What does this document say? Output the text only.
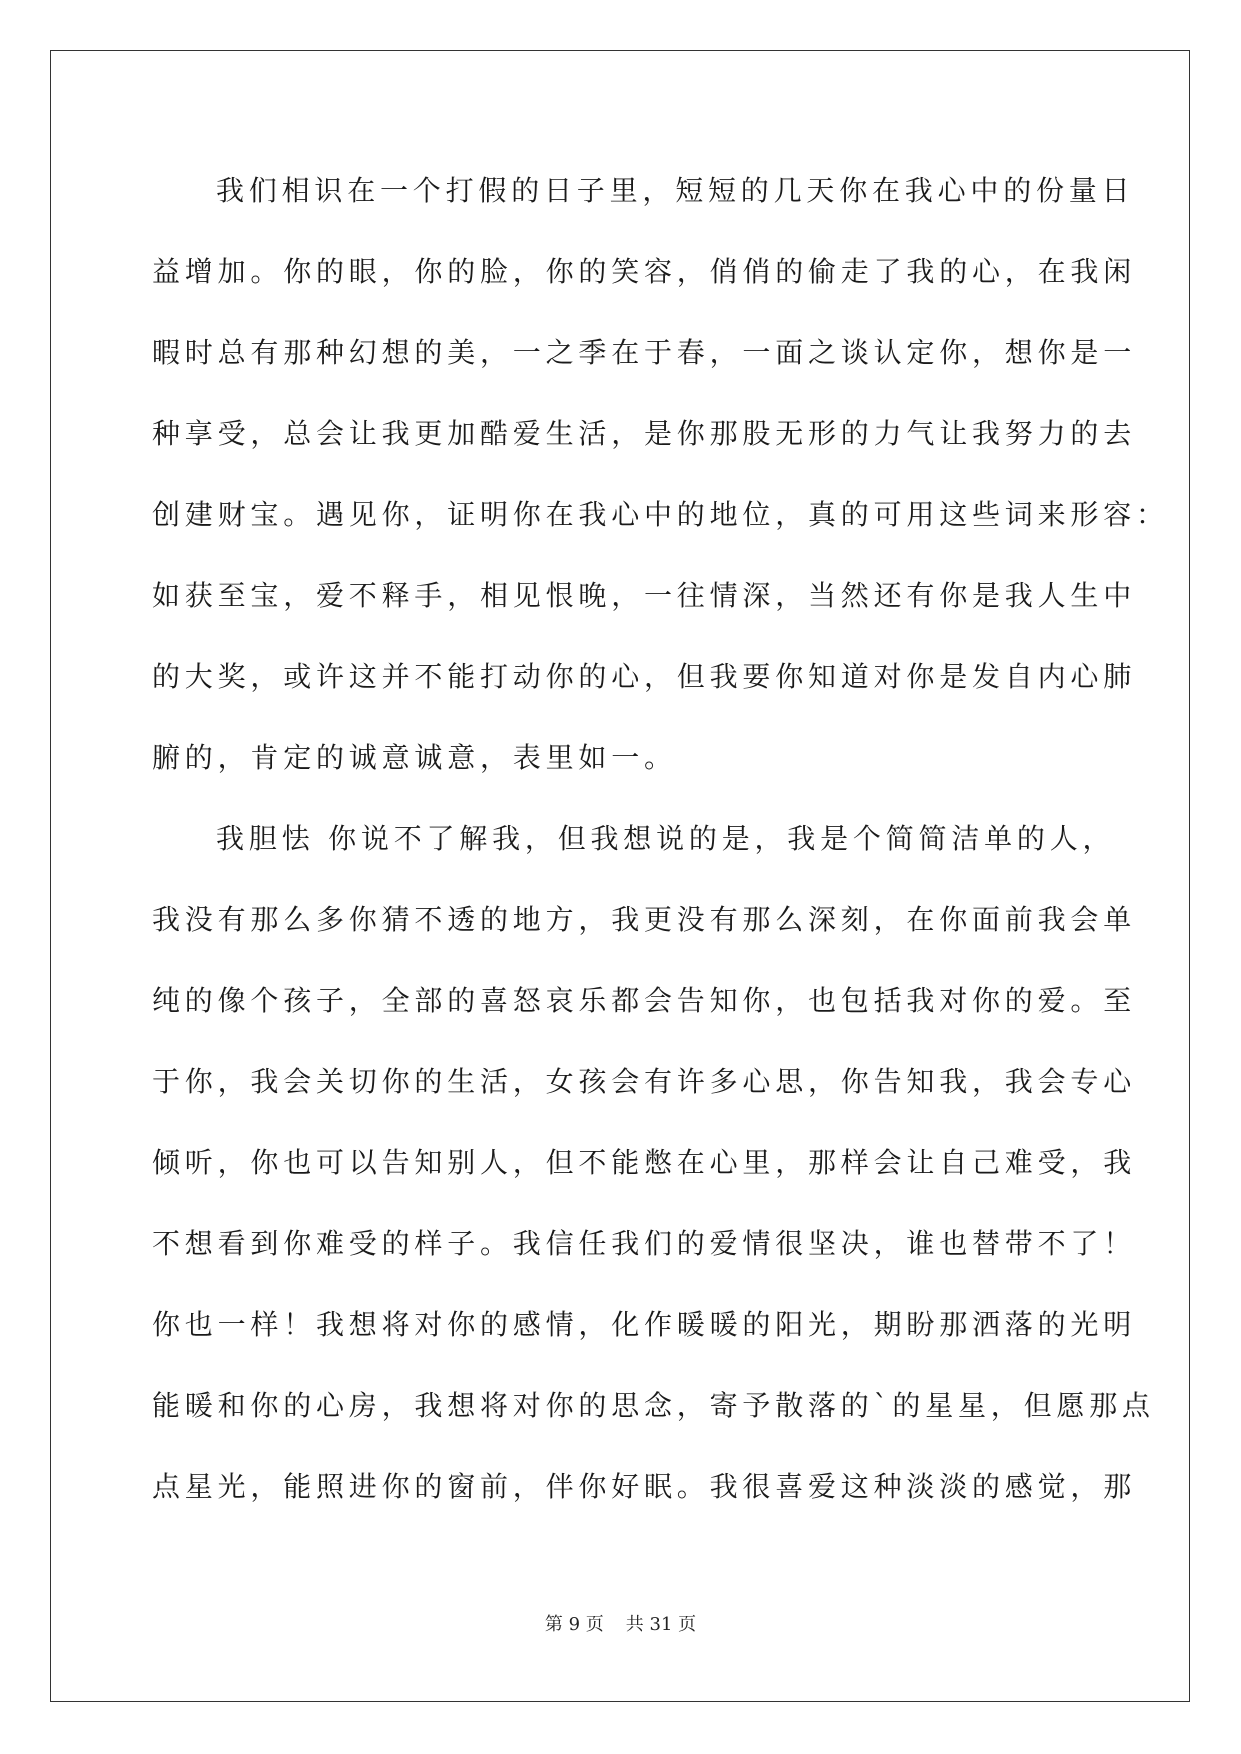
我们相识在一个打假的日子里，短短的几天你在我心中的份量日
益增加。你的眼，你的脸，你的笑容，俏俏的偷走了我的心，在我闲
暇时总有那种幻想的美，一之季在于春，一面之谈认定你，想你是一
种享受，总会让我更加酷爱生活，是你那股无形的力气让我努力的去
创建财宝。遇见你，证明你在我心中的地位，真的可用这些词来形容：
如获至宝，爱不释手，相见恨晚，一往情深，当然还有你是我人生中
的大奖，或许这并不能打动你的心，但我要你知道对你是发自内心肺
腑的，肯定的诚意诚意，表里如一。
我胆怯 你说不了解我，但我想说的是，我是个简简洁单的人，
我没有那么多你猜不透的地方，我更没有那么深刻，在你面前我会单
纯的像个孩子，全部的喜怒哀乐都会告知你，也包括我对你的爱。至
于你，我会关切你的生活，女孩会有许多心思，你告知我，我会专心
倾听，你也可以告知别人，但不能憋在心里，那样会让自己难受，我
不想看到你难受的样子。我信任我们的爱情很坚决，谁也替带不了！
你也一样！我想将对你的感情，化作暖暖的阳光，期盼那洒落的光明
能暖和你的心房，我想将对你的思念，寄予散落的`的星星，但愿那点
点星光，能照进你的窗前，伴你好眠。我很喜爱这种淡淡的感觉，那
第 9 页 共 31 页
